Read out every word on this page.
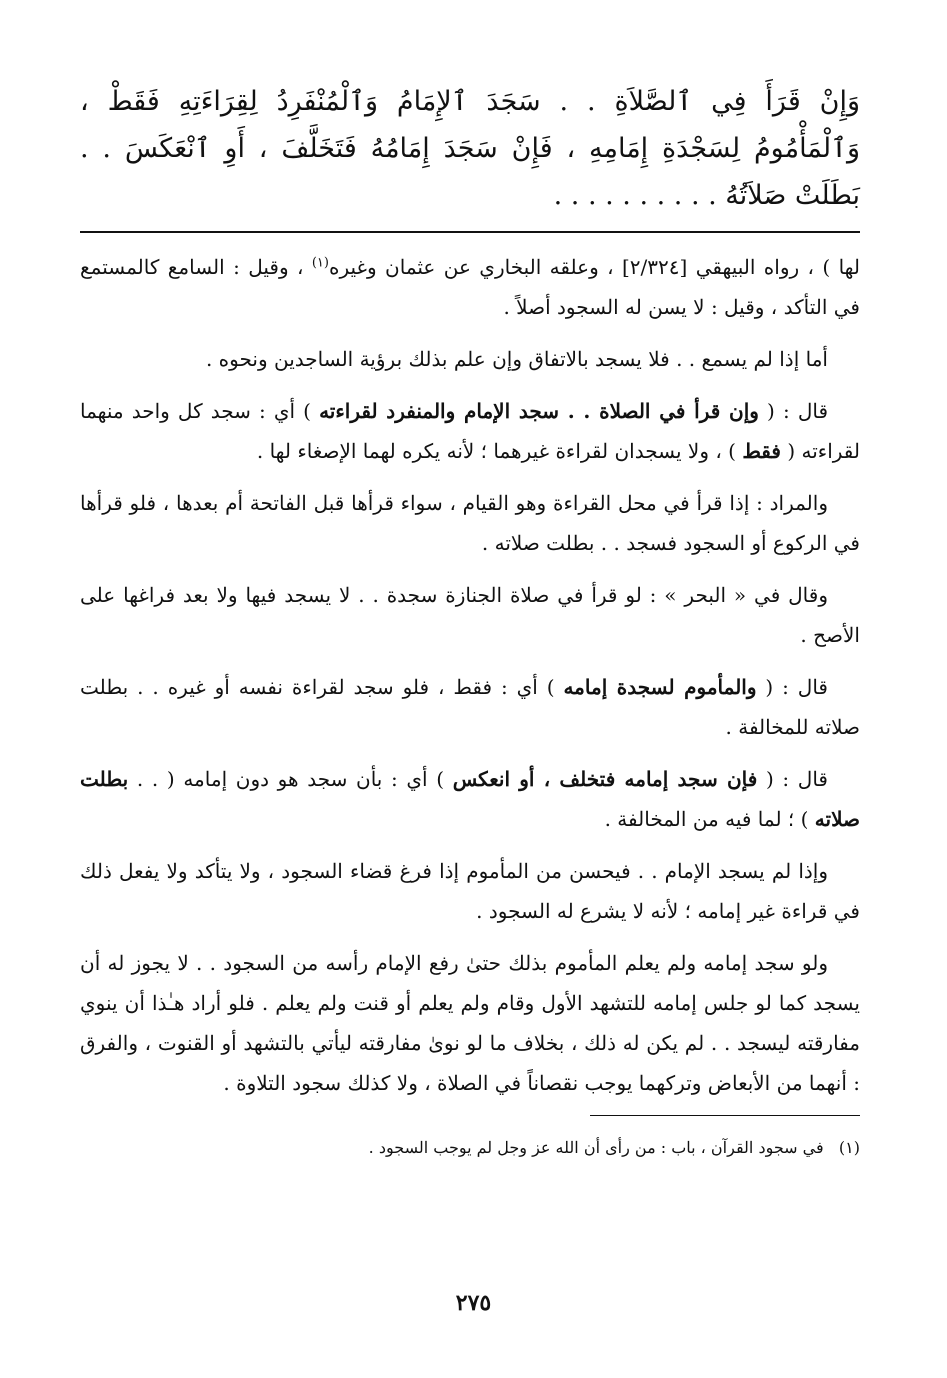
وَإِنْ قَرَأَ فِي ٱلصَّلاَةِ . . سَجَدَ ٱلإِمَامُ وَٱلْمُنْفَرِدُ لِقِرَاءَتِهِ فَقَطْ ، وَٱلْمَأْمُومُ لِسَجْدَةِ إِمَامِهِ ، فَإِنْ سَجَدَ إِمَامُهُ فَتَخَلَّفَ ، أَوِ ٱنْعَكَسَ . . بَطَلَتْ صَلاَتُهُ . . . . . . . . . .

لها ) ، رواه البيهقي [٢/٣٢٤] ، وعلقه البخاري عن عثمان وغيره$^{(١)}$ ، وقيل : السامع كالمستمع في التأكد ، وقيل : لا يسن له السجود أصلاً .

أما إذا لم يسمع . . فلا يسجد بالاتفاق وإن علم بذلك برؤية الساجدين ونحوه .

قال : ( وإن قرأ في الصلاة . . سجد الإمام والمنفرد لقراءته ) أي : سجد كل واحد منهما لقراءته ( فقط ) ، ولا يسجدان لقراءة غيرهما ؛ لأنه يكره لهما الإصغاء لها .

والمراد : إذا قرأ في محل القراءة وهو القيام ، سواء قرأها قبل الفاتحة أم بعدها ، فلو قرأها في الركوع أو السجود فسجد . . بطلت صلاته .

وقال في « البحر » : لو قرأ في صلاة الجنازة سجدة . . لا يسجد فيها ولا بعد فراغها على الأصح .

قال : ( والمأموم لسجدة إمامه ) أي : فقط ، فلو سجد لقراءة نفسه أو غيره . . بطلت صلاته للمخالفة .

قال : ( فإن سجد إمامه فتخلف ، أو انعكس ) أي : بأن سجد هو دون إمامه ( . . بطلت صلاته ) ؛ لما فيه من المخالفة .

وإذا لم يسجد الإمام . . فيحسن من المأموم إذا فرغ قضاء السجود ، ولا يتأكد ولا يفعل ذلك في قراءة غير إمامه ؛ لأنه لا يشرع له السجود .

ولو سجد إمامه ولم يعلم المأموم بذلك حتىٰ رفع الإمام رأسه من السجود . . لا يجوز له أن يسجد كما لو جلس إمامه للتشهد الأول وقام ولم يعلم أو قنت ولم يعلم . فلو أراد هـٰذا أن ينوي مفارقته ليسجد . . لم يكن له ذلك ، بخلاف ما لو نوىٰ مفارقته ليأتي بالتشهد أو القنوت ، والفرق : أنهما من الأبعاض وتركهما يوجب نقصاناً في الصلاة ، ولا كذلك سجود التلاوة .

(١)   في سجود القرآن ، باب : من رأى أن الله عز وجل لم يوجب السجود .

٢٧٥
